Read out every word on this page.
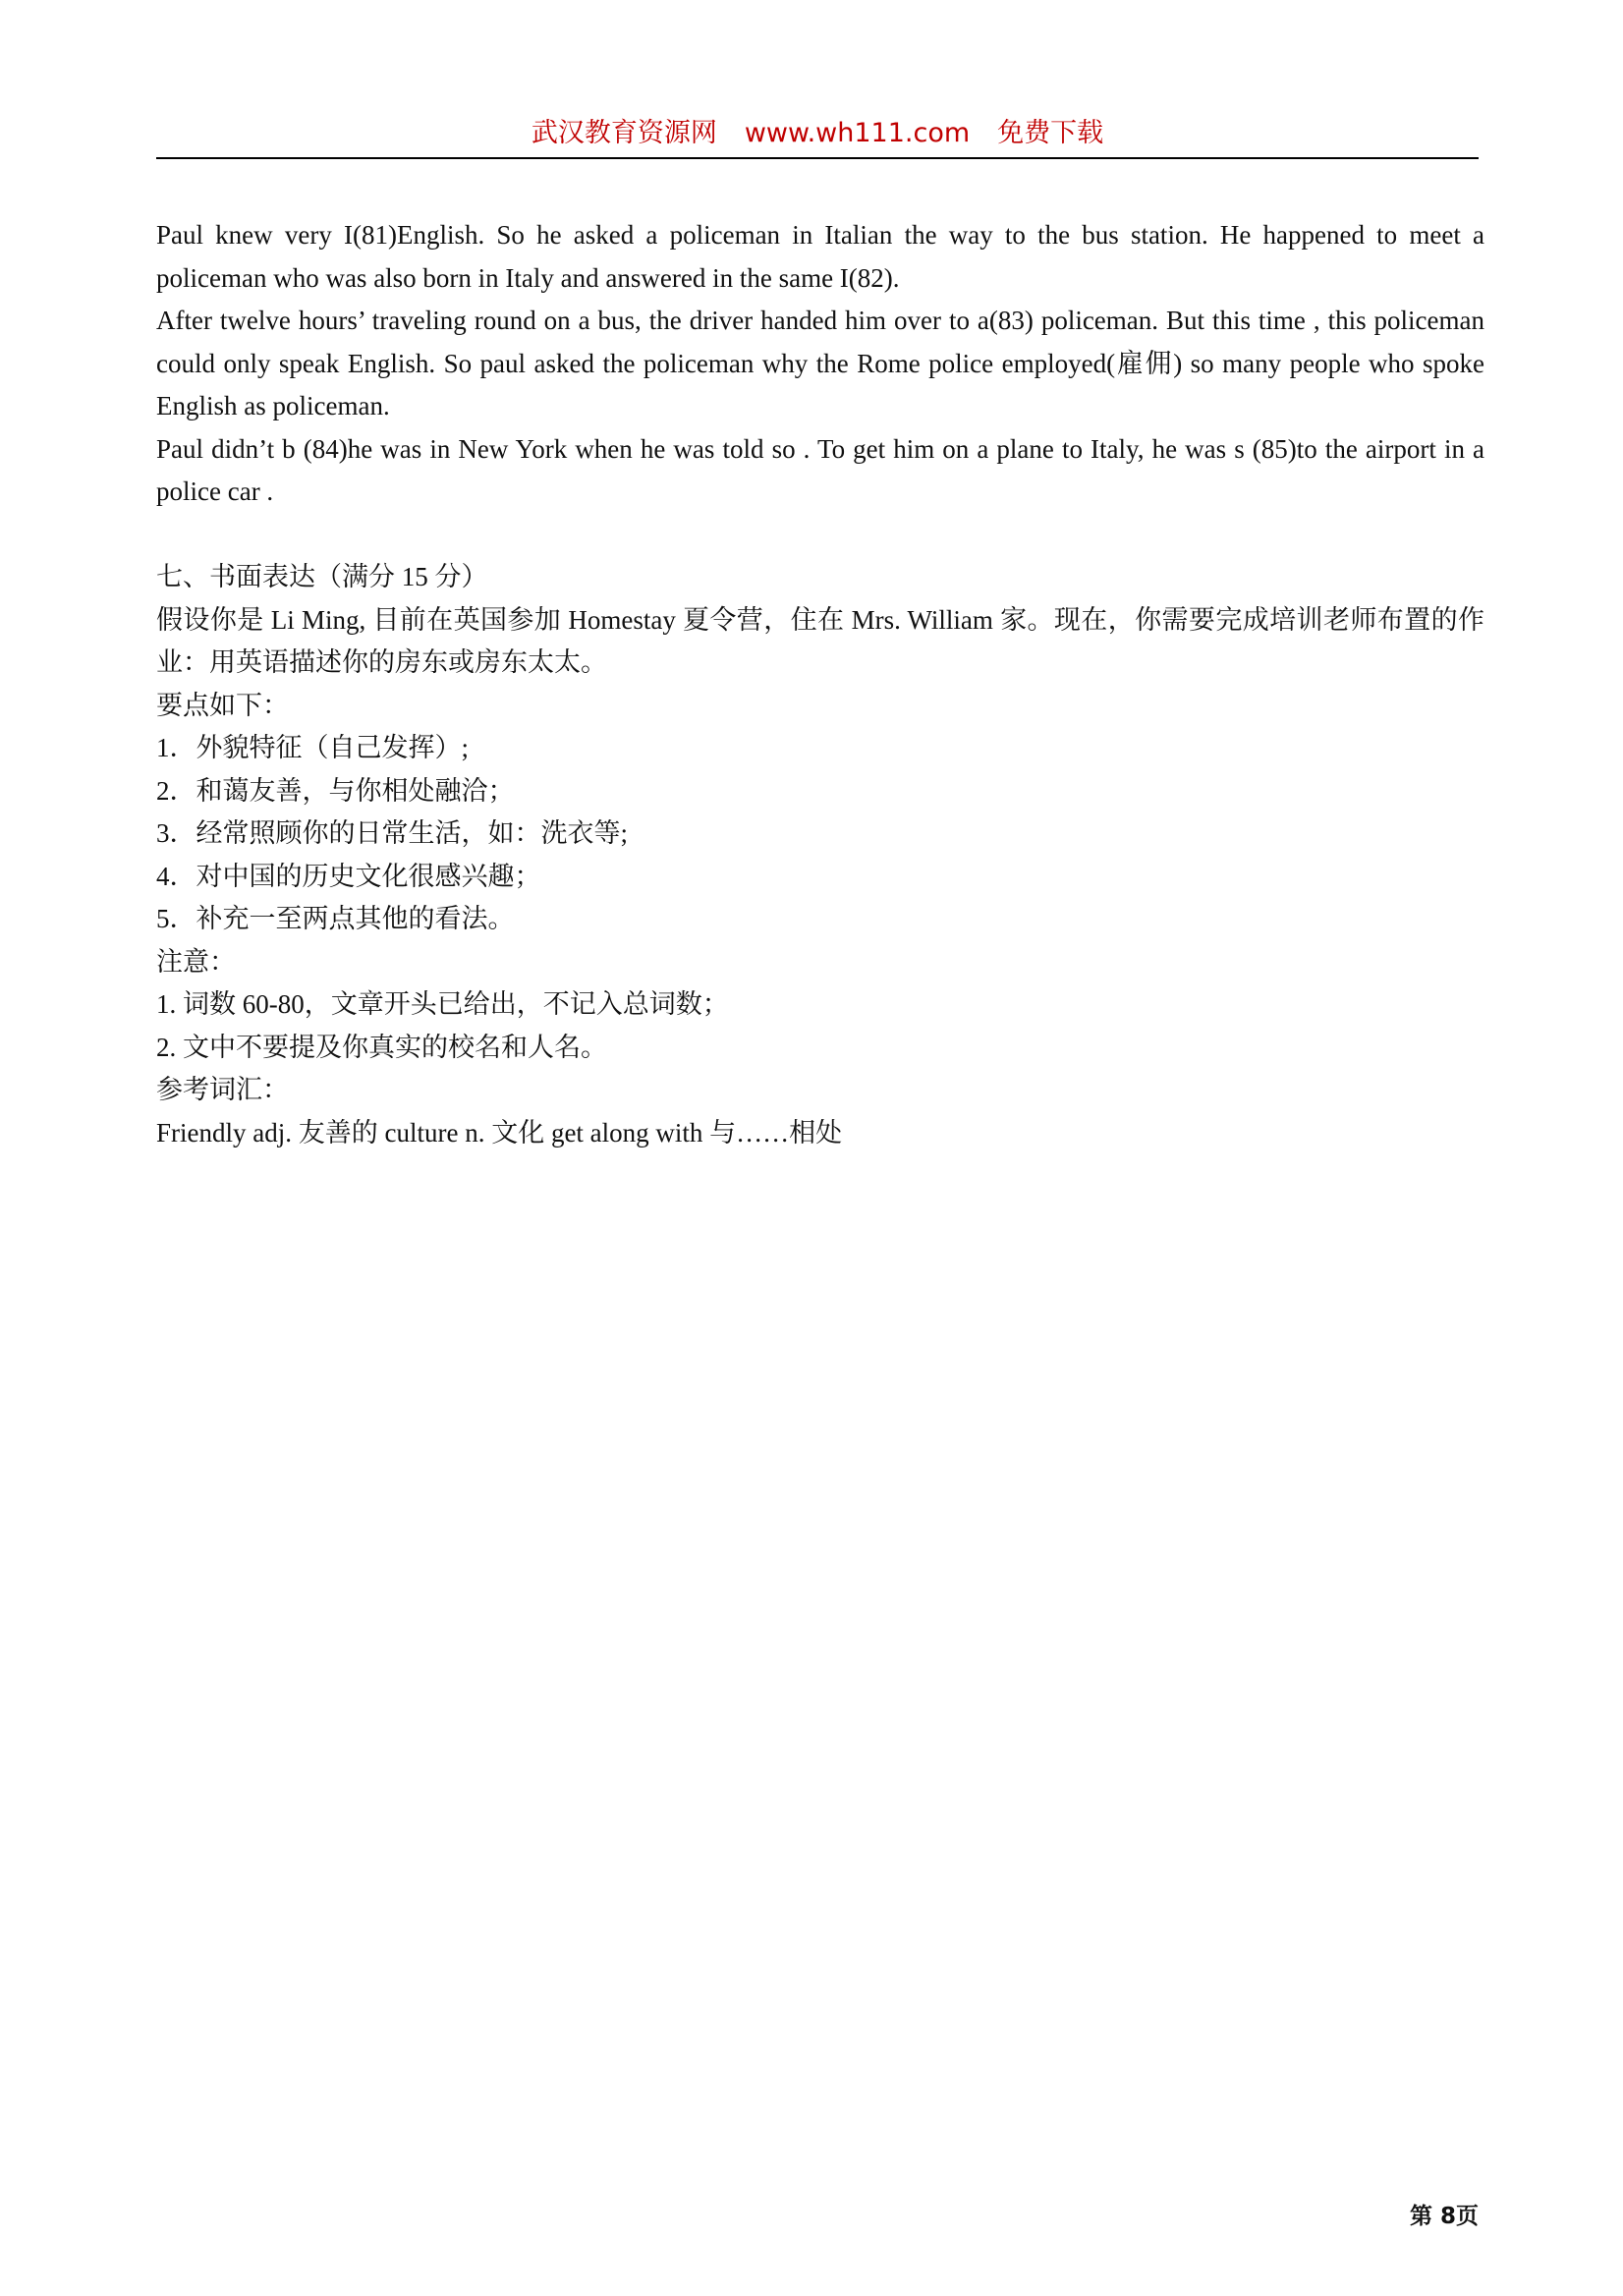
武汉教育资源网 www.wh111.com 免费下载

Paul knew very I(81)English. So he asked a policeman in Italian the way to the bus station. He happened to meet a policeman who was also born in Italy and answered in the same I(82).

After twelve hours’ traveling round on a bus, the driver handed him over to a(83) policeman. But this time , this policeman could only speak English. So paul asked the policeman why the Rome police employed(雇佣) so many people who spoke English as policeman.

Paul didn’t b (84)he was in New York when he was told so . To get him on a plane to Italy, he was s (85)to the airport in a police car .

七、书面表达（满分 15 分）

假设你是 Li Ming, 目前在英国参加 Homestay 夏令营，住在 Mrs. William 家。现在，你需要完成培训老师布置的作业：用英语描述你的房东或房东太太。

要点如下：

1．外貌特征（自己发挥）;

2．和蔼友善，与你相处融洽；

3．经常照顾你的日常生活，如：洗衣等;

4．对中国的历史文化很感兴趣；

5．补充一至两点其他的看法。

注意：

1. 词数 60-80，文章开头已给出，不记入总词数；

2. 文中不要提及你真实的校名和人名。

参考词汇：

Friendly adj. 友善的 culture n. 文化 get along with 与……相处

第 8页
